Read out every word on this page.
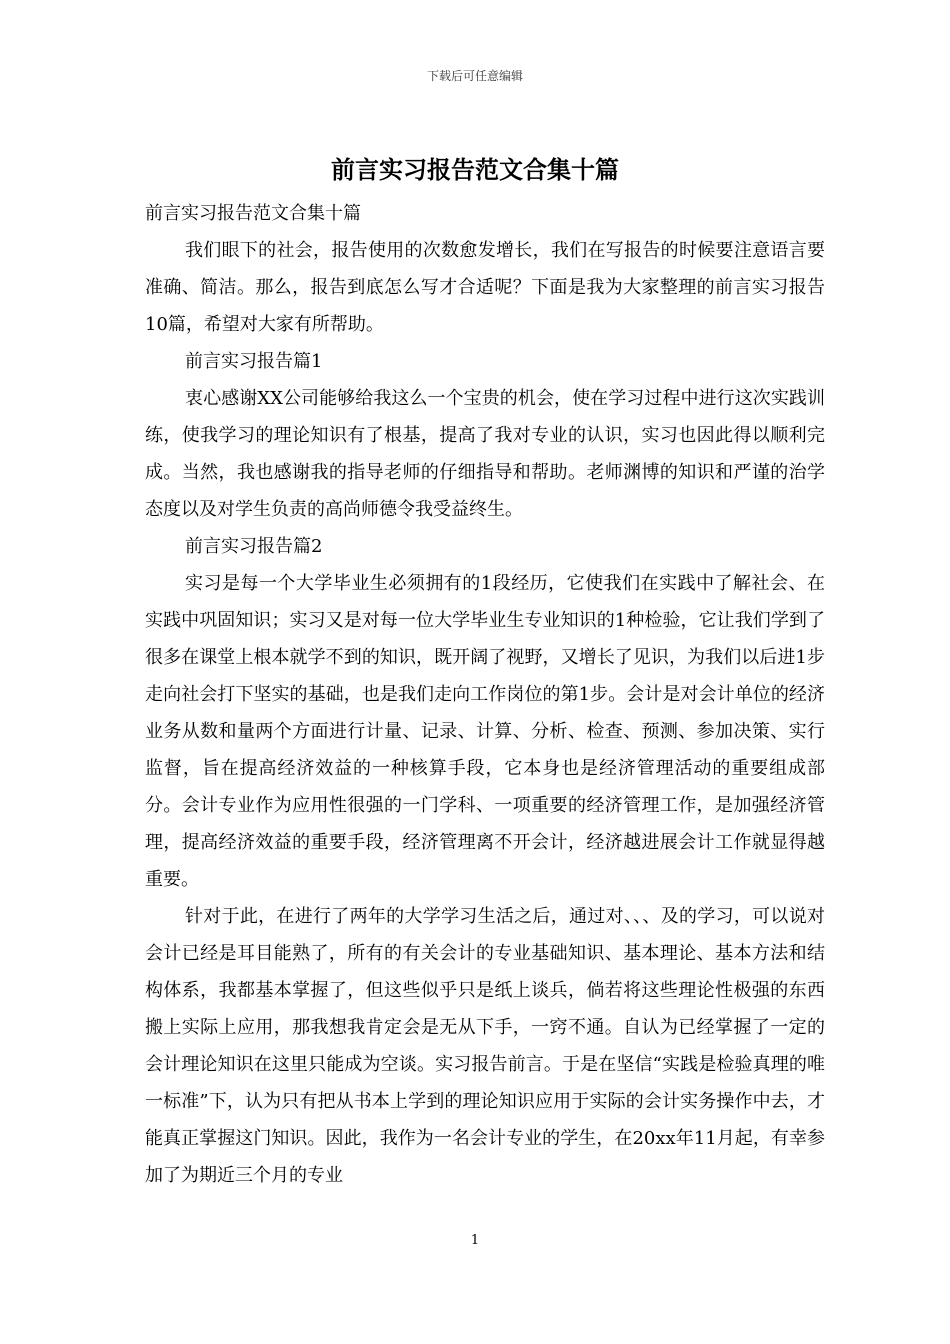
下载后可任意编辑
前言实习报告范文合集十篇

前言实习报告范文合集十篇

我们眼下的社会，报告使用的次数愈发增长，我们在写报告的时候要注意语言要准确、简洁。那么，报告到底怎么写才合适呢？下面是我为大家整理的前言实习报告10篇，希望对大家有所帮助。

前言实习报告篇1

衷心感谢XX公司能够给我这么一个宝贵的机会，使在学习过程中进行这次实践训练，使我学习的理论知识有了根基，提高了我对专业的认识，实习也因此得以顺利完成。当然，我也感谢我的指导老师的仔细指导和帮助。老师渊博的知识和严谨的治学态度以及对学生负责的高尚师德令我受益终生。

前言实习报告篇2

实习是每一个大学毕业生必须拥有的1段经历，它使我们在实践中了解社会、在实践中巩固知识；实习又是对每一位大学毕业生专业知识的1种检验，它让我们学到了很多在课堂上根本就学不到的知识，既开阔了视野，又增长了见识，为我们以后进1步走向社会打下坚实的基础，也是我们走向工作岗位的第1步。会计是对会计单位的经济业务从数和量两个方面进行计量、记录、计算、分析、检查、预测、参加决策、实行监督，旨在提高经济效益的一种核算手段，它本身也是经济管理活动的重要组成部分。会计专业作为应用性很强的一门学科、一项重要的经济管理工作，是加强经济管理，提高经济效益的重要手段，经济管理离不开会计，经济越进展会计工作就显得越重要。

针对于此，在进行了两年的大学学习生活之后，通过对、、、及的学习，可以说对会计已经是耳目能熟了，所有的有关会计的专业基础知识、基本理论、基本方法和结构体系，我都基本掌握了，但这些似乎只是纸上谈兵，倘若将这些理论性极强的东西搬上实际上应用，那我想我肯定会是无从下手，一窍不通。自认为已经掌握了一定的会计理论知识在这里只能成为空谈。实习报告前言。于是在坚信“实践是检验真理的唯一标准”下，认为只有把从书本上学到的理论知识应用于实际的会计实务操作中去，才能真正掌握这门知识。因此，我作为一名会计专业的学生，在20xx年11月起，有幸参加了为期近三个月的专业

1
